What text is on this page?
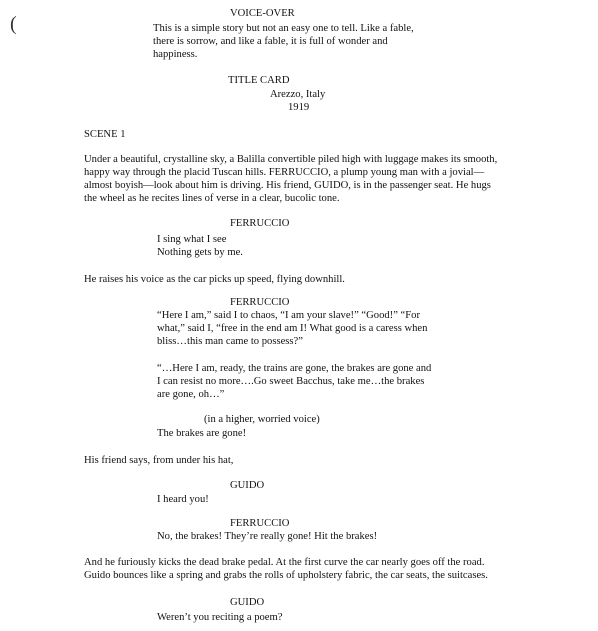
(	VOICE-OVER
This is a simple story but not an easy one to tell. Like a fable,
there is sorrow, and like a fable, it is full of wonder and
happiness.
TITLE CARD
Arezzo, Italy
1919
SCENE 1
Under a beautiful, crystalline sky, a Balilla convertible piled high with luggage makes its smooth,
happy way through the placid Tuscan hills. FERRUCCIO, a plump young man with a jovial—
almost boyish—look about him is driving. His friend, GUIDO, is in the passenger seat. He hugs
the wheel as he recites lines of verse in a clear, bucolic tone.
FERRUCCIO
I sing what I see
Nothing gets by me.
He raises his voice as the car picks up speed, flying downhill.
FERRUCCIO
“Here I am,” said I to chaos, “I am your slave!” “Good!” “For
what,” said I, “free in the end am I! What good is a caress when
bliss…this man came to possess?”
“…Here I am, ready, the trains are gone, the brakes are gone and
I can resist no more….Go sweet Bacchus, take me…the brakes
are gone, oh…”
(in a higher, worried voice)
The brakes are gone!
His friend says, from under his hat,
GUIDO
I heard you!
FERRUCCIO
No, the brakes! They’re really gone! Hit the brakes!
And he furiously kicks the dead brake pedal. At the first curve the car nearly goes off the road.
Guido bounces like a spring and grabs the rolls of upholstery fabric, the car seats, the suitcases.
GUIDO
Weren’t you reciting a poem?
